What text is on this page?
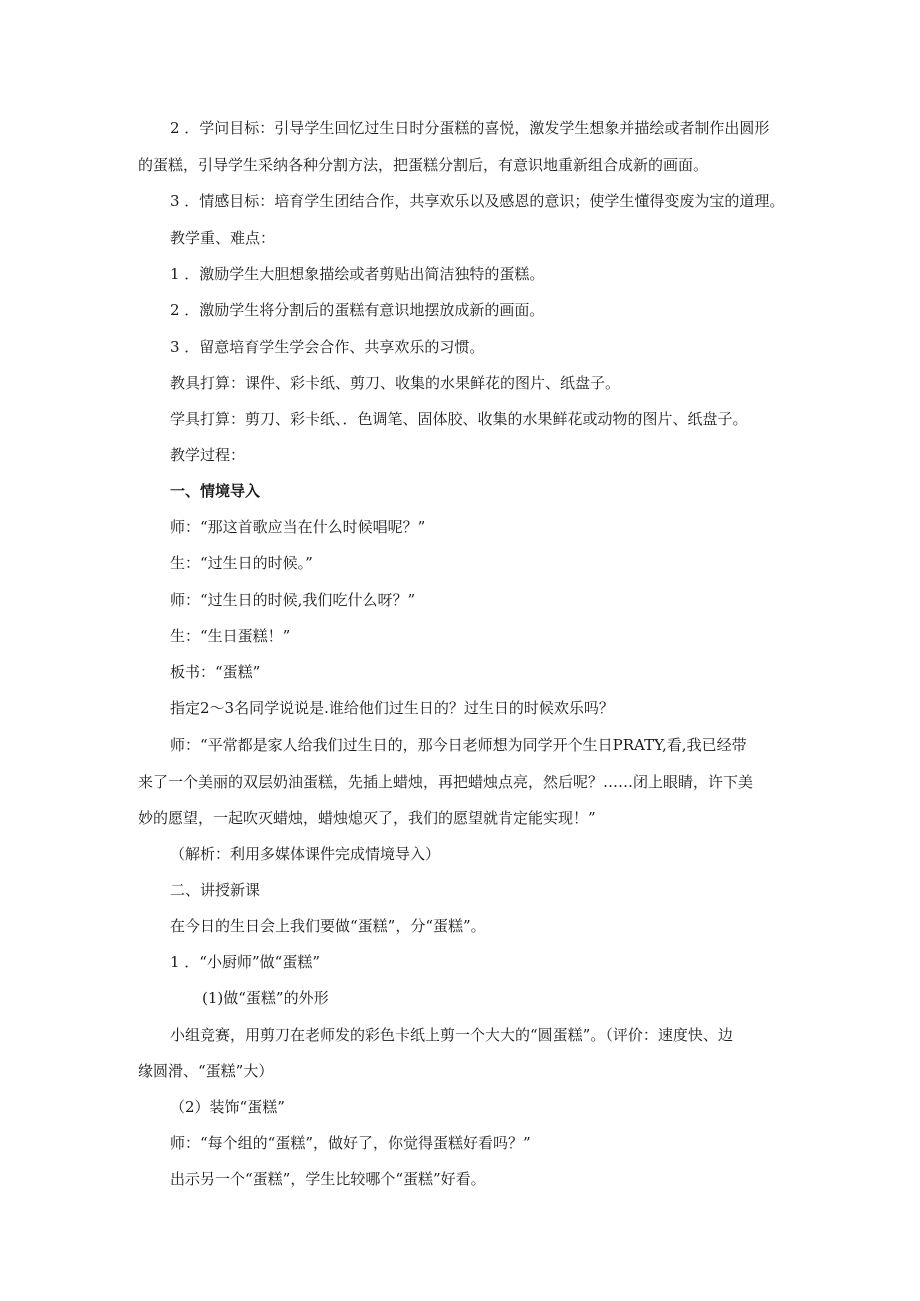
2 ．学问目标：引导学生回忆过生日时分蛋糕的喜悦，激发学生想象并描绘或者制作出圆形
的蛋糕，引导学生采纳各种分割方法，把蛋糕分割后，有意识地重新组合成新的画面。
3 ．情感目标：培育学生团结合作，共享欢乐以及感恩的意识；使学生懂得变废为宝的道理。
教学重、难点：
1 ．激励学生大胆想象描绘或者剪贴出简洁独特的蛋糕。
2 ．激励学生将分割后的蛋糕有意识地摆放成新的画面。
3 ．留意培育学生学会合作、共享欢乐的习惯。
教具打算：课件、彩卡纸、剪刀、收集的水果鲜花的图片、纸盘子。
学具打算：剪刀、彩卡纸、．色调笔、固体胶、收集的水果鲜花或动物的图片、纸盘子。
教学过程：
一、情境导入
师：“那这首歌应当在什么时候唱呢？”
生：“过生日的时候。”
师：“过生日的时候,我们吃什么呀？”
生：“生日蛋糕！”
板书：“蛋糕”
指定2～3名同学说说是.谁给他们过生日的？过生日的时候欢乐吗？
师：“平常都是家人给我们过生日的，那今日老师想为同学开个生日PRATY,看,我已经带
来了一个美丽的双层奶油蛋糕，先插上蜡烛，再把蜡烛点亮，然后呢？……闭上眼睛，许下美
妙的愿望，一起吹灭蜡烛，蜡烛熄灭了，我们的愿望就肯定能实现！”
（解析：利用多媒体课件完成情境导入）
二、讲授新课
在今日的生日会上我们要做“蛋糕”，分“蛋糕”。
1 ．“小厨师”做“蛋糕”
(1)做“蛋糕”的外形
小组竞赛，用剪刀在老师发的彩色卡纸上剪一个大大的“圆蛋糕”。（评价：速度快、边
缘圆滑、“蛋糕”大）
（2）装饰“蛋糕”
师：“每个组的“蛋糕”，做好了，你觉得蛋糕好看吗？”
出示另一个“蛋糕”，学生比较哪个“蛋糕”好看。
